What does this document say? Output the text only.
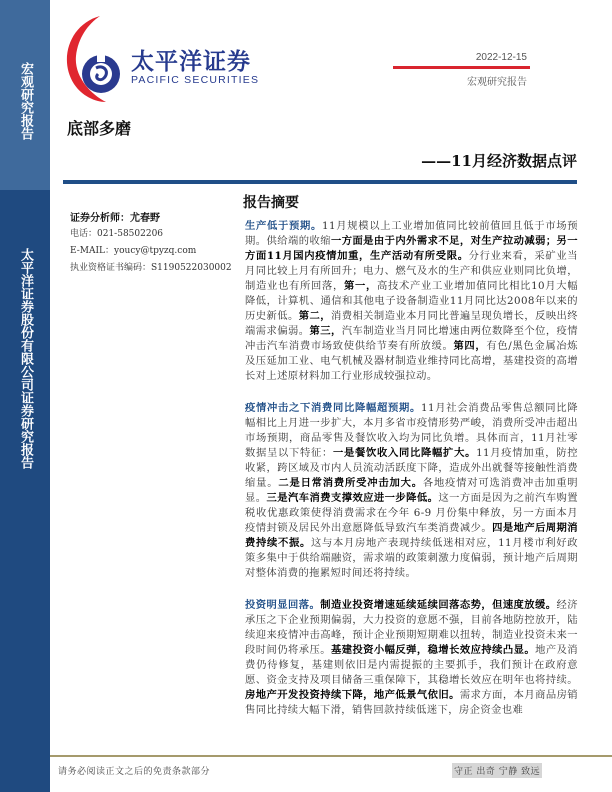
宏观研究报告
太平洋证券股份有限公司证券研究报告
太平洋证券
PACIFIC SECURITIES
2022-12-15
宏观研究报告
底部多磨
——11月经济数据点评
证券分析师：尤春野
电话：021-58502206
E-MAIL：youcy@tpyzq.com
执业资格证书编码：S1190522030002
报告摘要

生产低于预期。11月规模以上工业增加值同比较前值回且低于市场预期。供给端的收缩一方面是由于内外需求不足，对生产拉动减弱；另一方面11月国内疫情加重，生产活动有所受限。分行业来看，采矿业当月同比较上月有所回升；电力、燃气及水的生产和供应业则同比负增，制造业也有所回落，第一，高技术产业工业增加值同比相比10月大幅降低，计算机、通信和其他电子设备制造业11月同比达2008年以来的历史新低。第二，消费相关制造业本月同比普遍呈现负增长，反映出终端需求偏弱。第三，汽车制造业当月同比增速由两位数降至个位，疫情冲击汽车消费市场致使供给节奏有所放缓。第四，有色/黑色金属冶炼及压延加工业、电气机械及器材制造业维持同比高增，基建投资的高增长对上述原材料加工行业形成较强拉动。

疫情冲击之下消费同比降幅超预期。11月社会消费品零售总额同比降幅相比上月进一步扩大，本月多省市疫情形势严峻，消费所受冲击超出市场预期，商品零售及餐饮收入均为同比负增。具体而言，11月社零数据呈以下特征：一是餐饮收入同比降幅扩大。11月疫情加重，防控收紧，跨区域及市内人员流动活跃度下降，造成外出就餐等接触性消费缩量。二是日常消费所受冲击加大。各地疫情对可选消费冲击加重明显。三是汽车消费支撑效应进一步降低。这一方面是因为之前汽车购置税收优惠政策使得消费需求在今年 6-9 月份集中释放，另一方面本月疫情封锁及居民外出意愿降低导致汽车类消费减少。四是地产后周期消费持续不振。这与本月房地产表现持续低迷相对应，11月楼市利好政策多集中于供给端融资，需求端的政策刺激力度偏弱，预计地产后周期对整体消费的拖累短时间还将持续。

投资明显回落。制造业投资增速延续延续回落态势，但速度放缓。经济承压之下企业预期偏弱，大力投资的意愿不强，目前各地防控放开，陆续迎来疫情冲击高峰，预计企业预期短期难以扭转，制造业投资未来一段时间仍将承压。基建投资小幅反弹，稳增长效应持续凸显。地产及消费仍待修复，基建则依旧是内需提振的主要抓手，我们预计在政府意愿、资金支持及项目储备三重保障下，其稳增长效应在明年也将持续。房地产开发投资持续下降，地产低景气依旧。需求方面，本月商品房销售同比持续大幅下滑，销售回款持续低迷下，房企资金也难

请务必阅读正文之后的免责条款部分	守正 出奇 宁静 致远
